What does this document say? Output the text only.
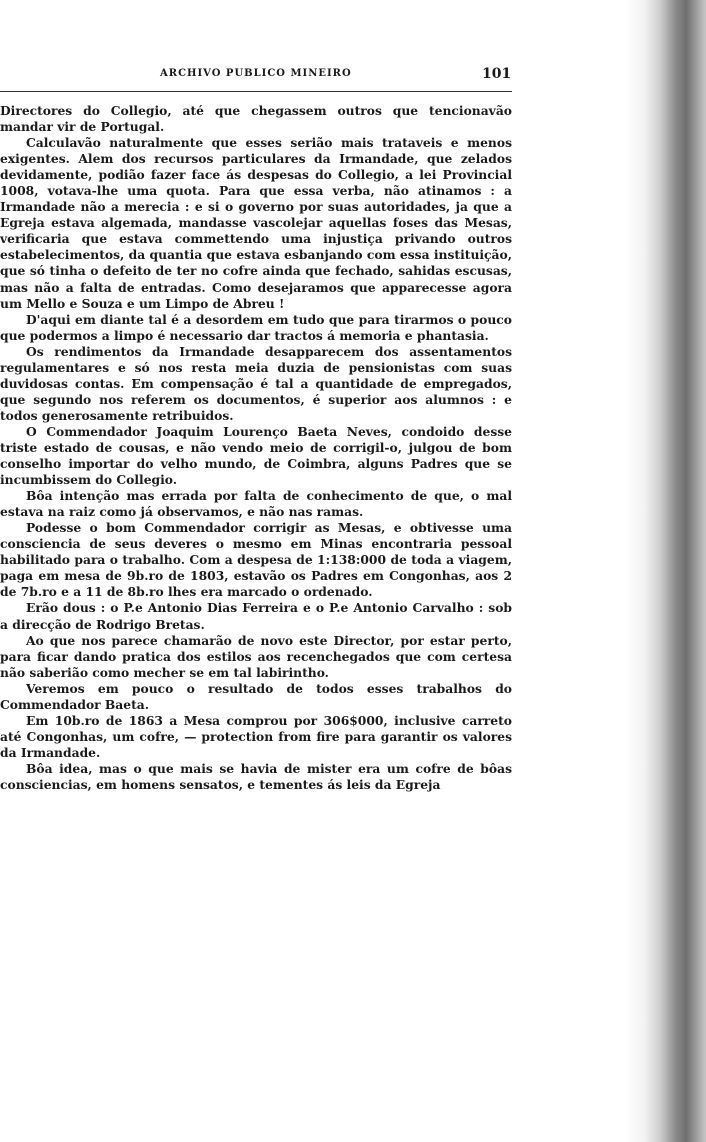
ARCHIVO PUBLICO MINEIRO	101

Directores do Collegio, até que chegassem outros que tencionavão mandar vir de Portugal.

Calculavão naturalmente que esses serião mais trataveis e menos exigentes. Alem dos recursos particulares da Irmandade, que zelados devidamente, podião fazer face ás despesas do Collegio, a lei Provincial 1008, votava-lhe uma quota. Para que essa verba, não atinamos : a Irmandade não a merecia : e si o governo por suas autoridades, ja que a Egreja estava algemada, mandasse vascolejar aquellas foses das Mesas, verificaria que estava commettendo uma injustiça privando outros estabelecimentos, da quantia que estava esbanjando com essa instituição, que só tinha o defeito de ter no cofre ainda que fechado, sahidas escusas, mas não a falta de entradas. Como desejaramos que apparecesse agora um Mello e Souza e um Limpo de Abreu !

D'aqui em diante tal é a desordem em tudo que para tirarmos o pouco que podermos a limpo é necessario dar tractos á memoria e phantasia.

Os rendimentos da Irmandade desapparecem dos assentamentos regulamentares e só nos resta meia duzia de pensionistas com suas duvidosas contas. Em compensação é tal a quantidade de empregados, que segundo nos referem os documentos, é superior aos alumnos : e todos generosamente retribuidos.

O Commendador Joaquim Lourenço Baeta Neves, condoido desse triste estado de cousas, e não vendo meio de corrigil-o, julgou de bom conselho importar do velho mundo, de Coimbra, alguns Padres que se incumbissem do Collegio.

Bôa intenção mas errada por falta de conhecimento de que, o mal estava na raiz como já observamos, e não nas ramas.

Podesse o bom Commendador corrigir as Mesas, e obtivesse uma consciencia de seus deveres o mesmo em Minas encontraria pessoal habilitado para o trabalho. Com a despesa de 1:138:000 de toda a viagem, paga em mesa de 9b.ro de 1803, estavão os Padres em Congonhas, aos 2 de 7b.ro e a 11 de 8b.ro lhes era marcado o ordenado.

Erão dous : o P.e Antonio Dias Ferreira e o P.e Antonio Carvalho : sob a direcção de Rodrigo Bretas.

Ao que nos parece chamarão de novo este Director, por estar perto, para ficar dando pratica dos estilos aos recenchegados que com certesa não saberião como mecher se em tal labirintho.

Veremos em pouco o resultado de todos esses trabalhos do Commendador Baeta.

Em 10b.ro de 1863 a Mesa comprou por 306$000, inclusive carreto até Congonhas, um cofre, — protection from fire para garantir os valores da Irmandade.

Bôa idea, mas o que mais se havia de mister era um cofre de bôas consciencias, em homens sensatos, e tementes ás leis da Egreja
